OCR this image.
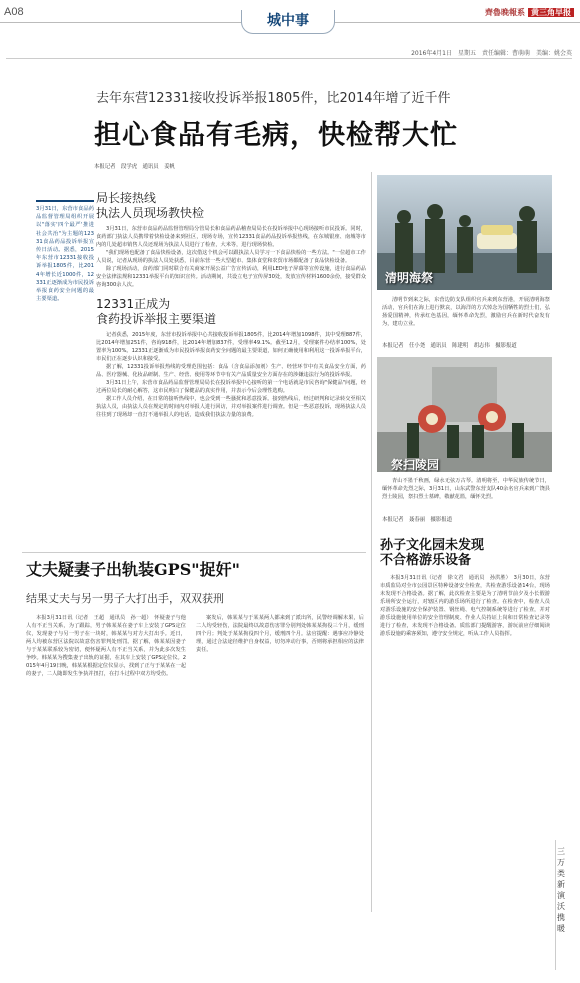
A08
城中事
齊魯晚報系 黄三角早报
2016年4月1日　星期五　责任编辑：曹萌萌　美编：姚会英
去年东营12331接收投诉举报1805件，比2014年增了近千件
担心食品有毛病，快检帮大忙
本报记者　段学虎　通讯员　姜帆
3月31日，东营市食品药品监督管理局组织开展以"落实'四个最严'推进社会共治"为主题的12331食品药品投诉举报宣传日活动。据悉，2015年东营市12331接收投诉举报1805件，比2014年增长近1000件，12331正逐渐成为市民投诉举报食药安全问题的最主要渠道。
局长接热线
执法人员现场教快检
3月31日，东营市食品药品监督管理局分管局长和食品药品稽查局局长在投诉举报中心现场接听市民投诉。同时，食药部门执法人员携带着快检设备来到社区，现场专场，宣传12331食品药品投诉举报热线，在东城银座、南城等市内的几处超市销售人员还现场为执法人员进行了检查，大米等，进行现场快检。
"我们现场也配备了食品快检设备，这次借这个机会可以跟执法人员学习一下食品快检的一些方法。"一位超市工作人员说，记者从现场的执法人员处获悉，目前东营一些大型超市、集体食堂和农贸市场都配备了食品快检设备。
除了现场活动，食药部门同时联合有关商家开展公益广告宣传活动，利用LED电子屏幕等宣传设施，进行食品药品安全法律法规和12331举报平台的知识宣传。活动期间，共设立电子宣传屏30处，发放宣传材料1600余份，接受群众咨询300余人次。
12331正成为
食药投诉举报主要渠道
记者获悉，2015年度，东营市投诉举报中心共接收投诉举报1805件，比2014年增加1098件，其中受理887件，比2014年增加251件，咨询918件，比2014年增加837件，受理率49.1%。截至12月，受理案件办结率100%，处置率为100%。12331正逐渐成为市民投诉举报食药安全问题的最主要渠道，如何正确使用和利用这一投诉举报平台，市民们正在逐步认识和接受。
据了解，12331投诉举报热线的受理范围包括：食品（含食品添加剂）生产、经营环节中有关食品安全方面，药品、医疗器械、化妆品研制、生产、经营、使用等环节中有关产品质量安全方面存在的涉嫌违法行为的投诉举报。
3月31日上午，东营市食品药品监督管理局局长在投诉举报中心接听的第一个电话就是市民咨询"保健品"问题，经过两位局长的耐心解答，这市民明白了保健品的真实作用，并表示今后会理性选购。
据工作人员介绍，在日常的接听热线中，也会受到一些骚扰和恶意投诉。接到热线后，经过研判和记录转交至相关执法人员，由执法人员在规定的时间内对举报人进行回访，并对举报案件进行调查。但是一些恶意投诉，现场执法人员往往到了现场却一直打不通举报人的电话，造成我们执法力量的浪费。
清明海祭
清明节到来之际，东营边防支队组织官兵来到东营港，开展清明海祭活动，官兵们在海上进行默哀，以海洋的方式悼念为国牺牲的烈士们，弘扬爱国精神，传承红色基因，缅怀革命先烈，激励官兵在新时代奋发有为，建功立业。
本报记者　任小尧　通讯员　陈建明　胡志伟　摄影报道
祭扫陵园
青山不墨千秋画，绿水无弦万古琴。清明将至，中华民族传统节日，缅怀革命先烈之际，3月31日，山东武警东营支队40余名官兵来到广饶县烈士陵园，祭扫烈士墓碑，敬献花篮，缅怀先烈。
本报记者　聂春丽　摄影报道
孙子文化园未发现
不合格游乐设备
本报3月31日讯（记者　徐文君　通讯员　孙洪胜）　3月30日，东营市质监局对全市公园景区特种设备安全检查，共检查游乐设备14台，现场未发现不合格设备。据了解，此次检查主要是为了清明节前夕及小长假游乐场所安全运行，对辖区内的游乐场所进行了检查。在检查中，检查人员对游乐设施的安全保护装置、钢丝绳、电气控制系统等进行了检查，并对游乐设施使用单位的安全管理制度、作业人员持证上岗和日常检查记录等进行了检查，未发现不合格设备。质监部门提醒游客，游玩前应仔细阅读游乐设施的乘客须知，遵守安全规定，听从工作人员指挥。
丈夫疑妻子出轨装GPS"捉奸"
结果丈夫与另一男子大打出手，双双获刑
本报3月31日讯（记者　王超　通讯员　孙一超）　怀疑妻子与他人有不正当关系，为了跟踪，男子韩某某在妻子车上安装了GPS定位仪，发现妻子与另一男子在一块时，韩某某与对方大打出手。近日，两人均被东营区法院以故意伤害罪判处刑罚。据了解，韩某某因妻子与于某某联系较为密切，便怀疑两人有不正当关系，并为此多次发生争吵。韩某某为搜集妻子出轨的证据，在其车上安装了GPS定位仪。2015年4月19日晚，韩某某根据定位仪显示，找到了正与于某某在一起的妻子，二人随即发生争执并扭打，在打斗过程中双方均受伤。
案发后，韩某某与于某某两人都来到了派出所，民警经调解未果，后二人均受轻伤，法院最终以故意伤害罪分别判处韩某某拘役三个月，缓刑四个月；判处于某某拘役四个月，缓刑四个月。法官提醒：遇事应冷静处理，通过合法途径维护自身权益，切勿冲动行事，否则将承担相应的法律责任。
三
万
类
新
演
沃
携
暖
